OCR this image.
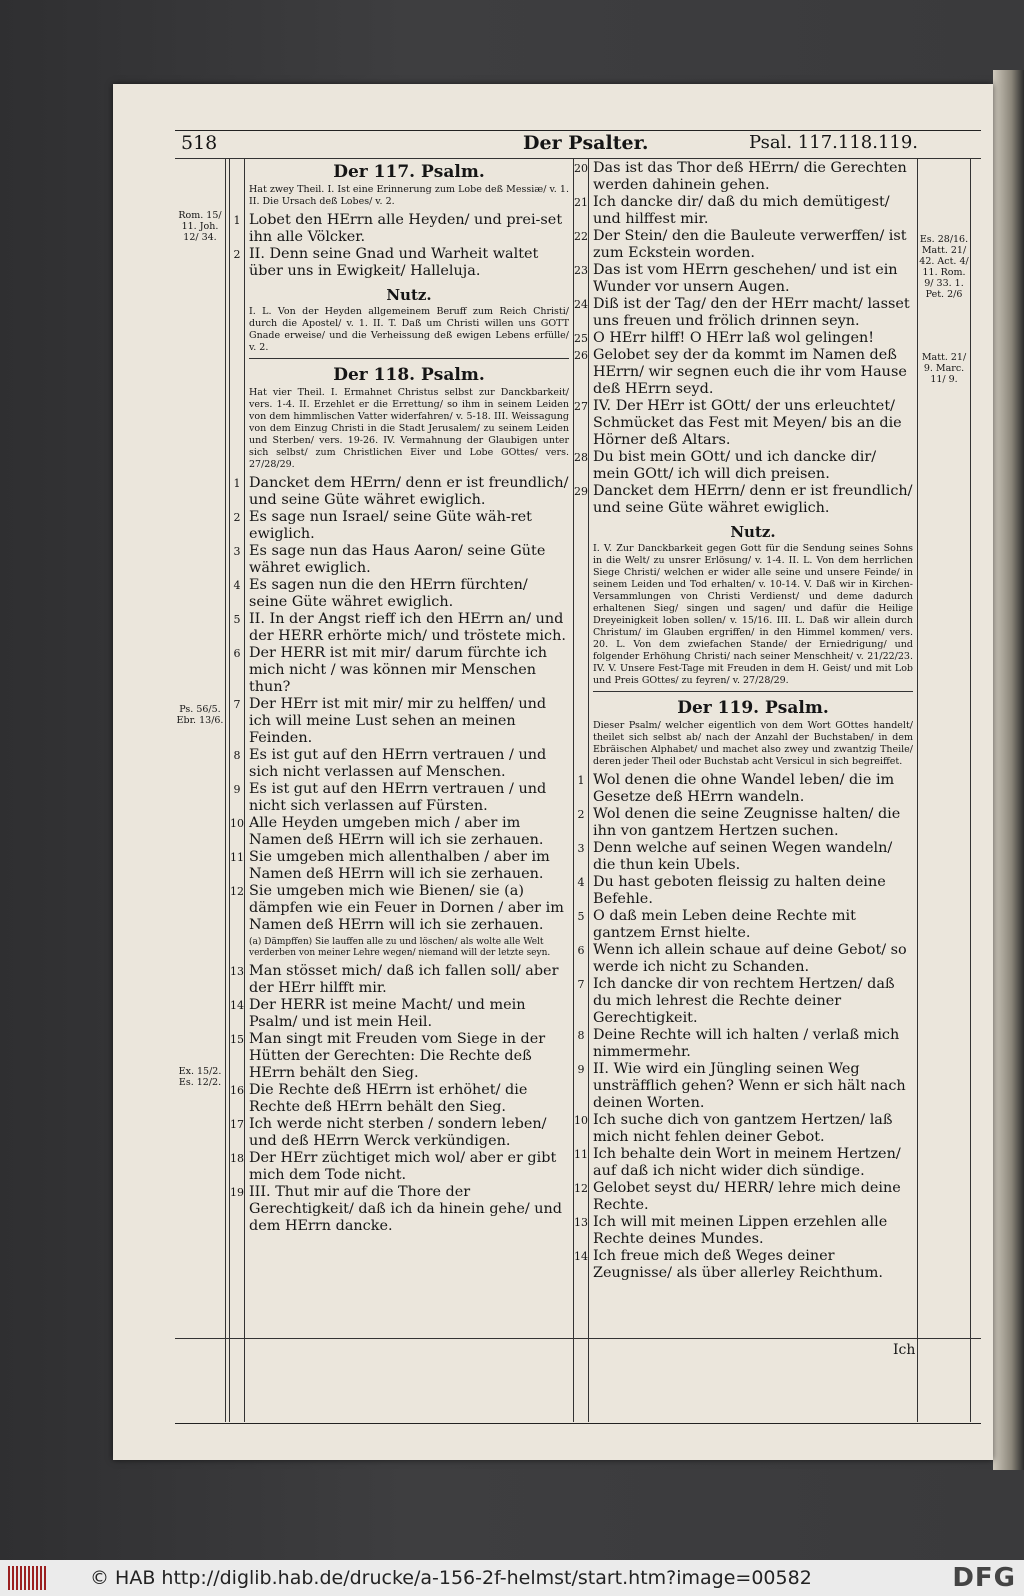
518	Der Psalter.	Psal. 117.118.119.
Rom. 15/ 11. Joh. 12/ 34.
Ps. 56/5. Ebr. 13/6.
Ex. 15/2. Es. 12/2.
Es. 28/16. Matt. 21/ 42. Act. 4/ 11. Rom. 9/ 33. 1. Pet. 2/6
Matt. 21/ 9. Marc. 11/ 9.
Der 117. Psalm.

Hat zwey Theil. I. Ist eine Erinnerung zum Lobe deß Messiæ/ v. 1. II. Die Ursach deß Lobes/ v. 2.

1 Lobet den HErrn alle Heyden/ und prei-set ihn alle Völcker.

2 II. Denn seine Gnad und Warheit waltet über uns in Ewigkeit/ Halleluja.

Nutz.

I. L. Von der Heyden allgemeinem Beruff zum Reich Christi/ durch die Apostel/ v. 1. II. T. Daß um Christi willen uns GOTT Gnade erweise/ und die Verheissung deß ewigen Lebens erfülle/ v. 2.

Der 118. Psalm.

Hat vier Theil. I. Ermahnet Christus selbst zur Danckbarkeit/ vers. 1-4. II. Erzehlet er die Errettung/ so ihm in seinem Leiden von dem himmlischen Vatter widerfahren/ v. 5-18. III. Weissagung von dem Einzug Christi in die Stadt Jerusalem/ zu seinem Leiden und Sterben/ vers. 19-26. IV. Vermahnung der Glaubigen unter sich selbst/ zum Christlichen Eiver und Lobe GOttes/ vers. 27/28/29.

1 Dancket dem HErrn/ denn er ist freundlich/ und seine Güte währet ewiglich.

2 Es sage nun Israel/ seine Güte wäh-ret ewiglich.

3 Es sage nun das Haus Aaron/ seine Güte währet ewiglich.

4 Es sagen nun die den HErrn fürchten/ seine Güte währet ewiglich.

5 II. In der Angst rieff ich den HErrn an/ und der HERR erhörte mich/ und tröstete mich.

6 Der HERR ist mit mir/ darum fürchte ich mich nicht / was können mir Menschen thun?

7 Der HErr ist mit mir/ mir zu helffen/ und ich will meine Lust sehen an meinen Feinden.

8 Es ist gut auf den HErrn vertrauen / und sich nicht verlassen auf Menschen.

9 Es ist gut auf den HErrn vertrauen / und nicht sich verlassen auf Fürsten.

10 Alle Heyden umgeben mich / aber im Namen deß HErrn will ich sie zerhauen.

11 Sie umgeben mich allenthalben / aber im Namen deß HErrn will ich sie zerhauen.

12 Sie umgeben mich wie Bienen/ sie (a) dämpfen wie ein Feuer in Dornen / aber im Namen deß HErrn will ich sie zerhauen.

(a) Dämpffen) Sie lauffen alle zu und löschen/ als wolte alle Welt verderben von meiner Lehre wegen/ niemand will der letzte seyn.

13 Man stösset mich/ daß ich fallen soll/ aber der HErr hilfft mir.

14 Der HERR ist meine Macht/ und mein Psalm/ und ist mein Heil.

15 Man singt mit Freuden vom Siege in der Hütten der Gerechten: Die Rechte deß HErrn behält den Sieg.

16 Die Rechte deß HErrn ist erhöhet/ die Rechte deß HErrn behält den Sieg.

17 Ich werde nicht sterben / sondern leben/ und deß HErrn Werck verkündigen.

18 Der HErr züchtiget mich wol/ aber er gibt mich dem Tode nicht.

19 III. Thut mir auf die Thore der Gerechtigkeit/ daß ich da hinein gehe/ und dem HErrn dancke.

20 Das ist das Thor deß HErrn/ die Gerechten werden dahinein gehen.

21 Ich dancke dir/ daß du mich demütigest/ und hilffest mir.

22 Der Stein/ den die Bauleute verwerffen/ ist zum Eckstein worden.

23 Das ist vom HErrn geschehen/ und ist ein Wunder vor unsern Augen.

24 Diß ist der Tag/ den der HErr macht/ lasset uns freuen und frölich drinnen seyn.

25 O HErr hilff! O HErr laß wol gelingen!

26 Gelobet sey der da kommt im Namen deß HErrn/ wir segnen euch die ihr vom Hause deß HErrn seyd.

27 IV. Der HErr ist GOtt/ der uns erleuchtet/ Schmücket das Fest mit Meyen/ bis an die Hörner deß Altars.

28 Du bist mein GOtt/ und ich dancke dir/ mein GOtt/ ich will dich preisen.

29 Dancket dem HErrn/ denn er ist freundlich/ und seine Güte währet ewiglich.

Nutz.

I. V. Zur Danckbarkeit gegen Gott für die Sendung seines Sohns in die Welt/ zu unsrer Erlösung/ v. 1-4. II. L. Von dem herrlichen Siege Christi/ welchen er wider alle seine und unsere Feinde/ in seinem Leiden und Tod erhalten/ v. 10-14. V. Daß wir in Kirchen-Versammlungen von Christi Verdienst/ und deme dadurch erhaltenen Sieg/ singen und sagen/ und dafür die Heilige Dreyeinigkeit loben sollen/ v. 15/16. III. L. Daß wir allein durch Christum/ im Glauben ergriffen/ in den Himmel kommen/ vers. 20. L. Von dem zwiefachen Stande/ der Erniedrigung/ und folgender Erhöhung Christi/ nach seiner Menschheit/ v. 21/22/23. IV. V. Unsere Fest-Tage mit Freuden in dem H. Geist/ und mit Lob und Preis GOttes/ zu feyren/ v. 27/28/29.

Der 119. Psalm.

Dieser Psalm/ welcher eigentlich von dem Wort GOttes handelt/ theilet sich selbst ab/ nach der Anzahl der Buchstaben/ in dem Ebräischen Alphabet/ und machet also zwey und zwantzig Theile/ deren jeder Theil oder Buchstab acht Versicul in sich begreiffet.

1 Wol denen die ohne Wandel leben/ die im Gesetze deß HErrn wandeln.

2 Wol denen die seine Zeugnisse halten/ die ihn von gantzem Hertzen suchen.

3 Denn welche auf seinen Wegen wandeln/ die thun kein Ubels.

4 Du hast geboten fleissig zu halten deine Befehle.

5 O daß mein Leben deine Rechte mit gantzem Ernst hielte.

6 Wenn ich allein schaue auf deine Gebot/ so werde ich nicht zu Schanden.

7 Ich dancke dir von rechtem Hertzen/ daß du mich lehrest die Rechte deiner Gerechtigkeit.

8 Deine Rechte will ich halten / verlaß mich nimmermehr.

9 II. Wie wird ein Jüngling seinen Weg unsträfflich gehen? Wenn er sich hält nach deinen Worten.

10 Ich suche dich von gantzem Hertzen/ laß mich nicht fehlen deiner Gebot.

11 Ich behalte dein Wort in meinem Hertzen/ auf daß ich nicht wider dich sündige.

12 Gelobet seyst du/ HERR/ lehre mich deine Rechte.

13 Ich will mit meinen Lippen erzehlen alle Rechte deines Mundes.

14 Ich freue mich deß Weges deiner Zeugnisse/ als über allerley Reichthum.

Ich
© HAB http://diglib.hab.de/drucke/a-156-2f-helmst/start.htm?image=00582	DFG
